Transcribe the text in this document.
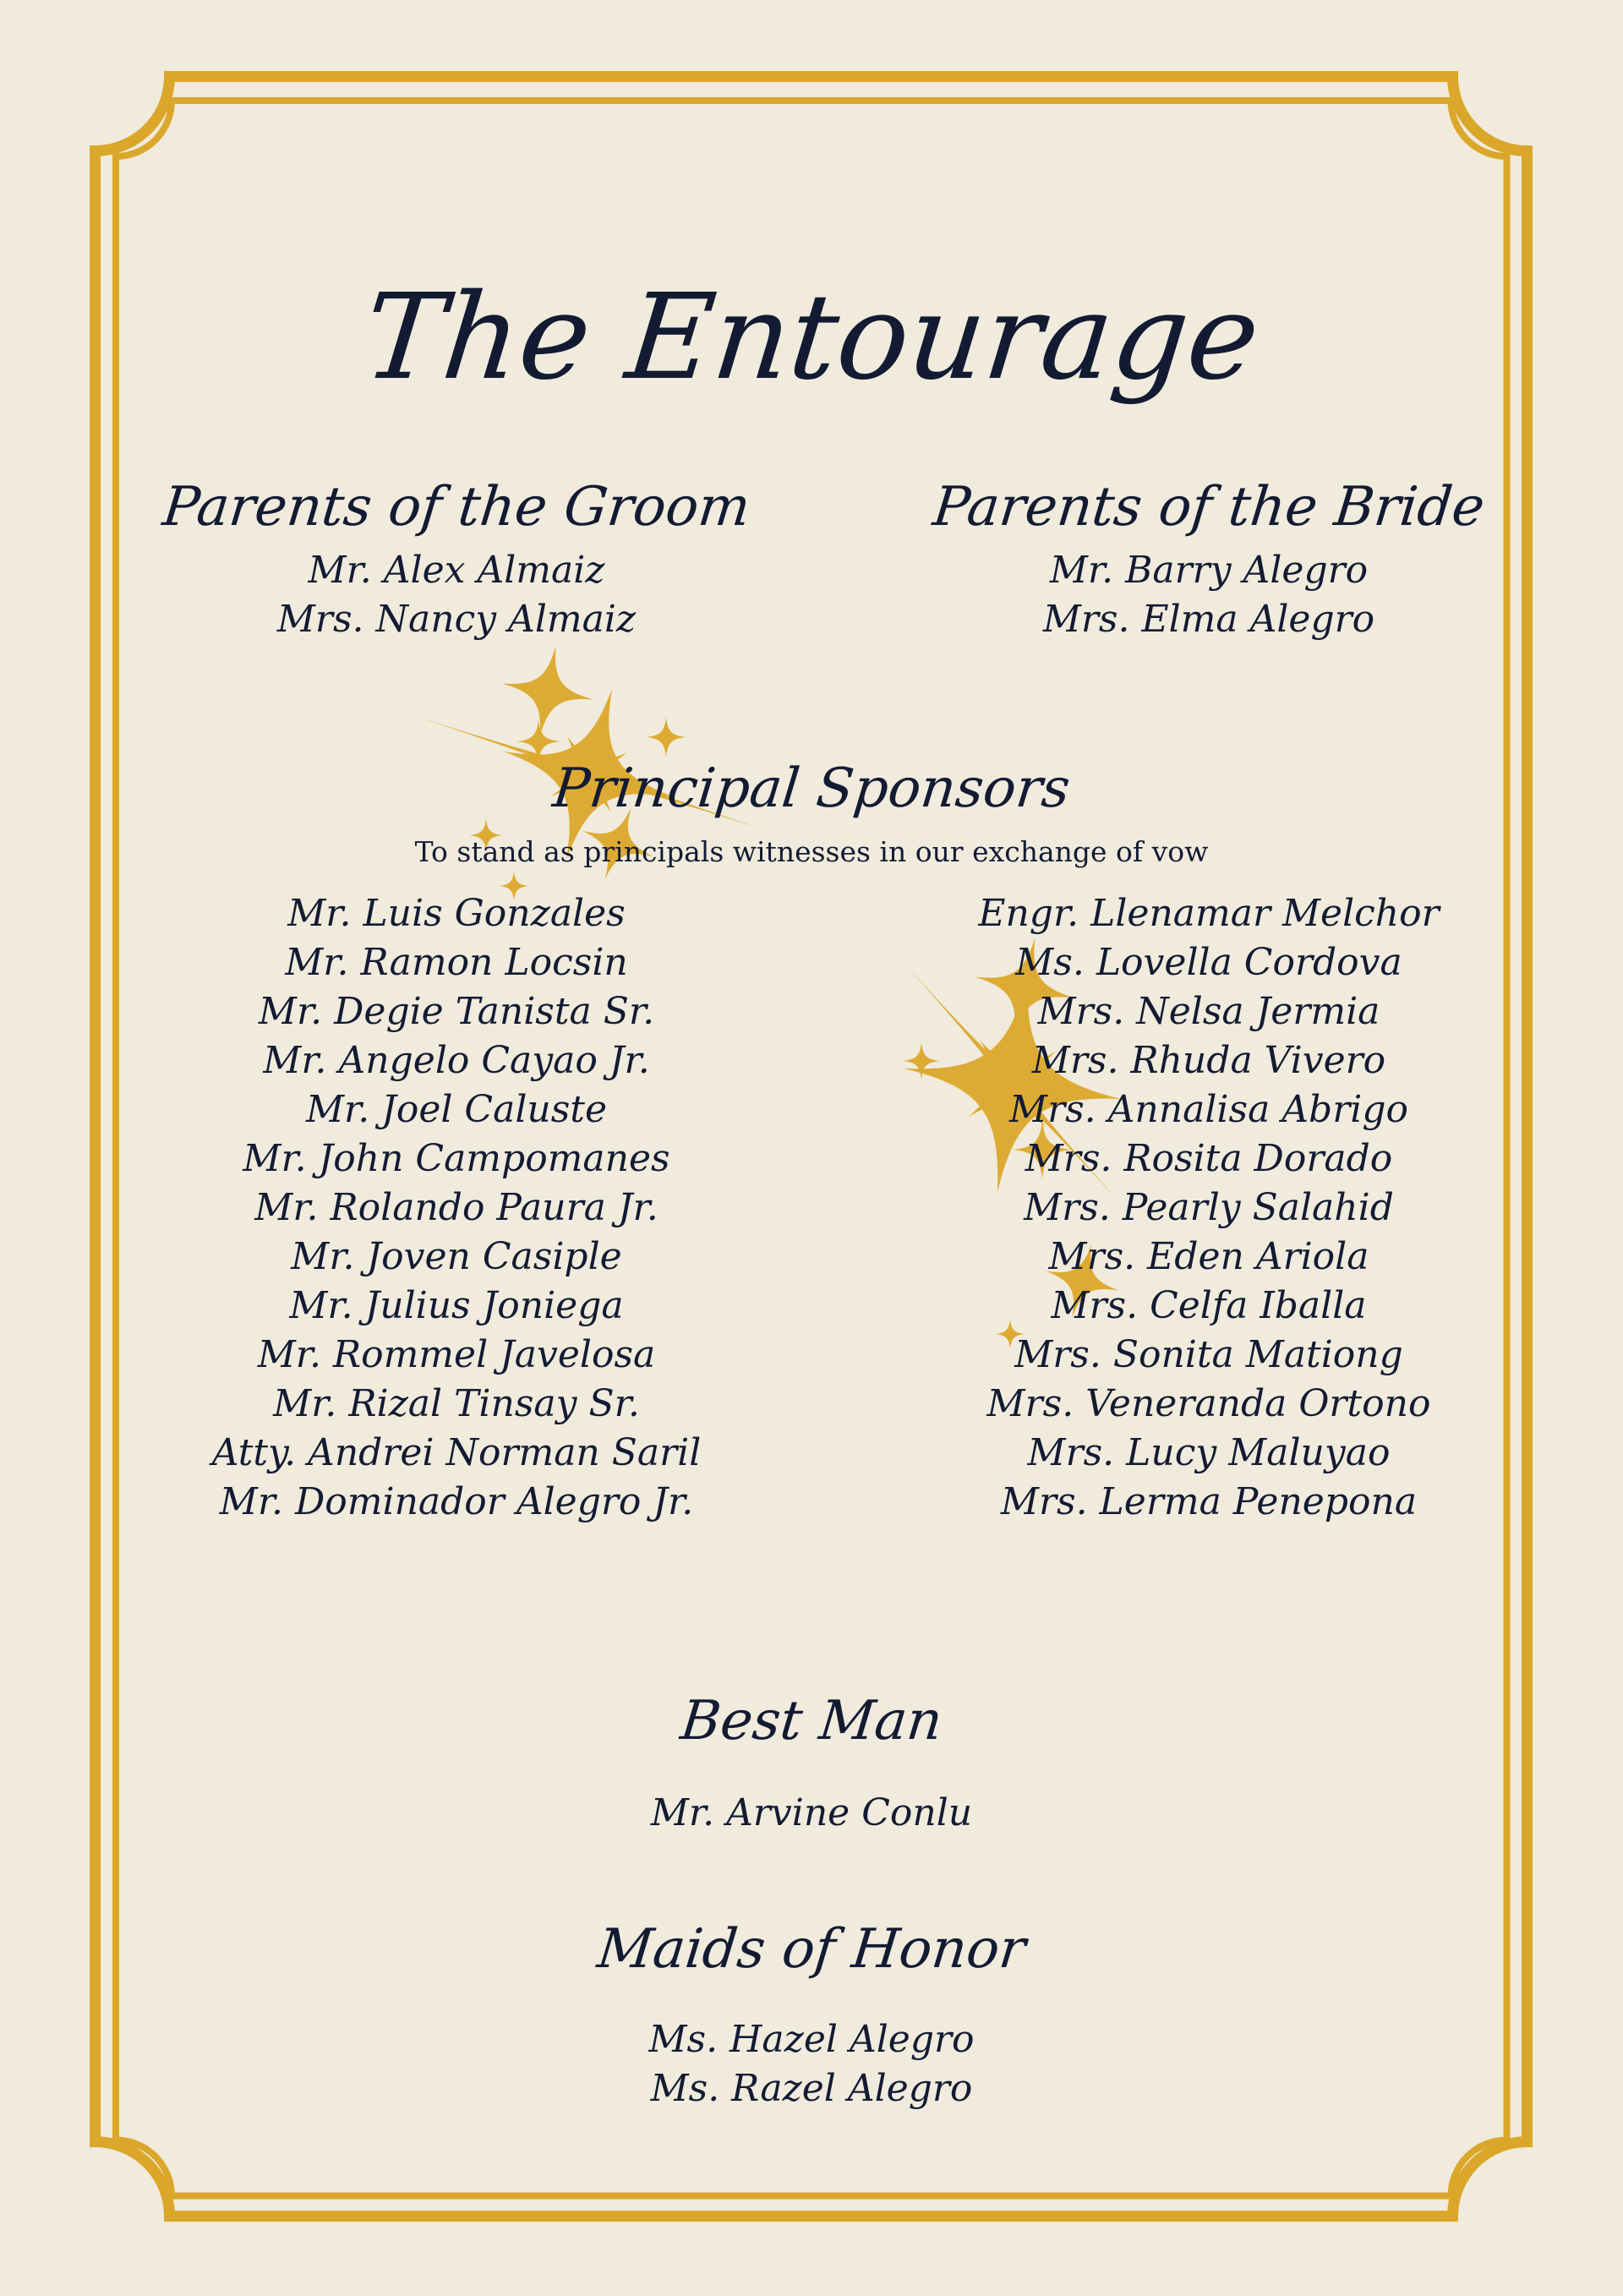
The Entourage
Parents of the Groom
Mr. Alex Almaiz
Mrs. Nancy Almaiz
Parents of the Bride
Mr. Barry Alegro
Mrs. Elma Alegro
Principal Sponsors
To stand as principals witnesses in our exchange of vow
Mr. Luis Gonzales
Mr. Ramon Locsin
Mr. Degie Tanista Sr.
Mr. Angelo Cayao Jr.
Mr. Joel Caluste
Mr. John Campomanes
Mr. Rolando Paura Jr.
Mr. Joven Casiple
Mr. Julius Joniega
Mr. Rommel Javelosa
Mr. Rizal Tinsay Sr.
Atty. Andrei Norman Saril
Mr. Dominador Alegro Jr.
Engr. Llenamar Melchor
Ms. Lovella Cordova
Mrs. Nelsa Jermia
Mrs. Rhuda Vivero
Mrs. Annalisa Abrigo
Mrs. Rosita Dorado
Mrs. Pearly Salahid
Mrs. Eden Ariola
Mrs. Celfa Iballa
Mrs. Sonita Mationg
Mrs. Veneranda Ortono
Mrs. Lucy Maluyao
Mrs. Lerma Penepona
Best Man
Mr. Arvine Conlu
Maids of Honor
Ms. Hazel Alegro
Ms. Razel Alegro
